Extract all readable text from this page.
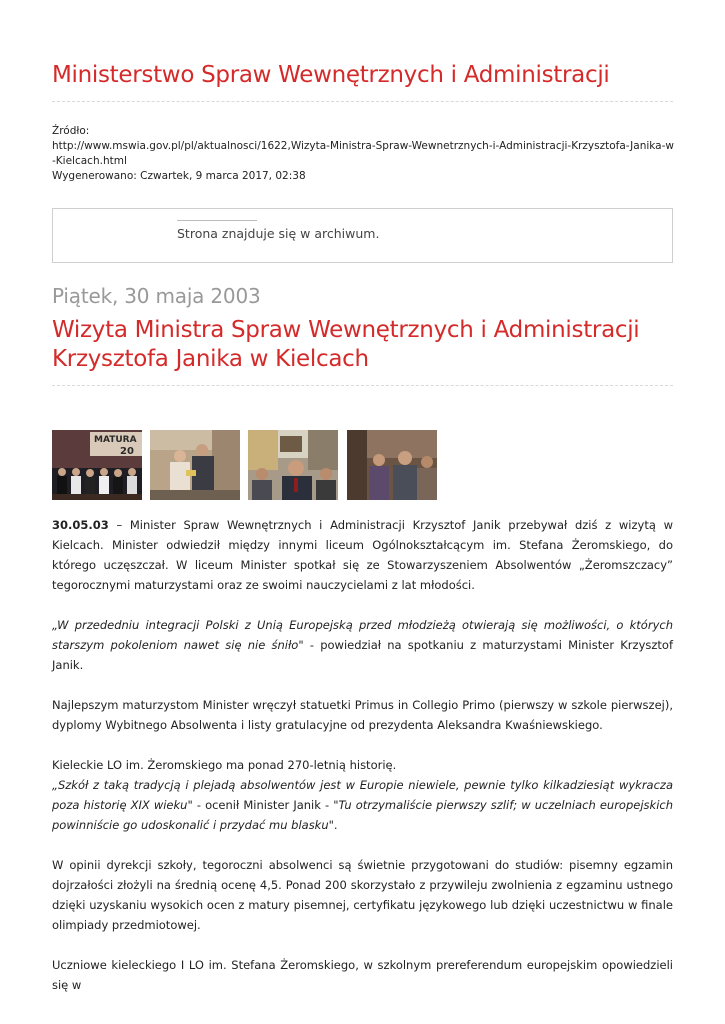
Ministerstwo Spraw Wewnętrznych i Administracji
Źródło:
http://www.mswia.gov.pl/pl/aktualnosci/1622,Wizyta-Ministra-Spraw-Wewnetrznych-i-Administracji-Krzysztofa-Janika-w
-Kielcach.html
Wygenerowano: Czwartek, 9 marca 2017, 02:38
Strona znajduje się w archiwum.
Piątek, 30 maja 2003
Wizyta Ministra Spraw Wewnętrznych i Administracji Krzysztofa Janika w Kielcach
MATURA
20

30.05.03 – Minister Spraw Wewnętrznych i Administracji Krzysztof Janik przebywał dziś z wizytą w Kielcach. Minister odwiedził między innymi liceum Ogólnokształcącym im. Stefana Żeromskiego, do którego uczęszczał. W liceum Minister spotkał się ze Stowarzyszeniem Absolwentów „Żeromszczacy” tegorocznymi maturzystami oraz ze swoimi nauczycielami z lat młodości.

„W przededniu integracji Polski z Unią Europejską przed młodzieżą otwierają się możliwości, o których starszym pokoleniom nawet się nie śniło" - powiedział na spotkaniu z maturzystami Minister Krzysztof Janik.

Najlepszym maturzystom Minister wręczył statuetki Primus in Collegio Primo (pierwszy w szkole pierwszej), dyplomy Wybitnego Absolwenta i listy gratulacyjne od prezydenta Aleksandra Kwaśniewskiego.

Kieleckie LO im. Żeromskiego ma ponad 270-letnią historię.
„Szkół z taką tradycją i plejadą absolwentów jest w Europie niewiele, pewnie tylko kilkadziesiąt wykracza poza historię XIX wieku" - ocenił Minister Janik - "Tu otrzymaliście pierwszy szlif; w uczelniach europejskich powinniście go udoskonalić i przydać mu blasku".

W opinii dyrekcji szkoły, tegoroczni absolwenci są świetnie przygotowani do studiów: pisemny egzamin dojrzałości złożyli na średnią ocenę 4,5. Ponad 200 skorzystało z przywileju zwolnienia z egzaminu ustnego dzięki uzyskaniu wysokich ocen z matury pisemnej, certyfikatu językowego lub dzięki uczestnictwu w finale olimpiady przedmiotowej.

Uczniowe kieleckiego I LO im. Stefana Żeromskiego, w szkolnym prereferendum europejskim opowiedzieli się w
